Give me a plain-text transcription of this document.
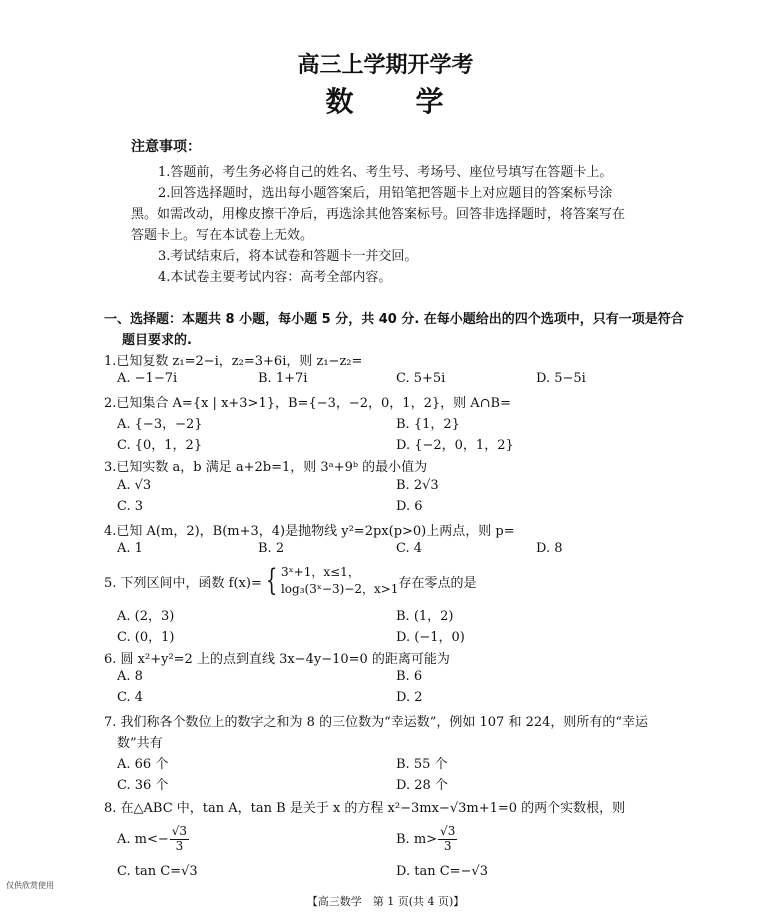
高三上学期开学考
数　　学
注意事项：
1.答题前，考生务必将自己的姓名、考生号、考场号、座位号填写在答题卡上。
2.回答选择题时，选出每小题答案后，用铅笔把答题卡上对应题目的答案标号涂
黑。如需改动，用橡皮擦干净后，再选涂其他答案标号。回答非选择题时，将答案写在
答题卡上。写在本试卷上无效。
3.考试结束后，将本试卷和答题卡一并交回。
4.本试卷主要考试内容：高考全部内容。
一、选择题：本题共 8 小题，每小题 5 分，共 40 分. 在每小题给出的四个选项中，只有一项是符合
题目要求的.
1.已知复数 z₁=2−i，z₂=3+6i，则 z₁−z₂=
A. −1−7i	B. 1+7i	C. 5+5i	D. 5−5i
2.已知集合 A={x | x+3>1}，B={−3，−2，0，1，2}，则 A∩B=
A. {−3，−2}	B. {1，2}
C. {0，1，2}	D. {−2，0，1，2}
3.已知实数 a，b 满足 a+2b=1，则 3ᵃ+9ᵇ 的最小值为
A. √3	B. 2√3
C. 3	D. 6
4.已知 A(m，2)，B(m+3，4)是抛物线 y²=2px(p>0)上两点，则 p=
A. 1	B. 2	C. 4	D. 8
5. 下列区间中，函数 f(x)= { 3ˣ+1，x≤1，
log₃(3ˣ−3)−2，x>1 存在零点的是
A. (2，3)	B. (1，2)
C. (0，1)	D. (−1，0)
6. 圆 x²+y²=2 上的点到直线 3x−4y−10=0 的距离可能为
A. 8	B. 6
C. 4	D. 2
7. 我们称各个数位上的数字之和为 8 的三位数为“幸运数”，例如 107 和 224，则所有的“幸运
数”共有
A. 66 个	B. 55 个
C. 36 个	D. 28 个
8. 在△ABC 中，tan A，tan B 是关于 x 的方程 x²−3mx−√3m+1=0 的两个实数根，则
A. $m<- \frac{√3}{3}$	B. $m> \frac{√3}{3}$
C. tan C=√3	D. tan C=−√3
仅供欣赏使用
【高三数学　第 1 页(共 4 页)】
